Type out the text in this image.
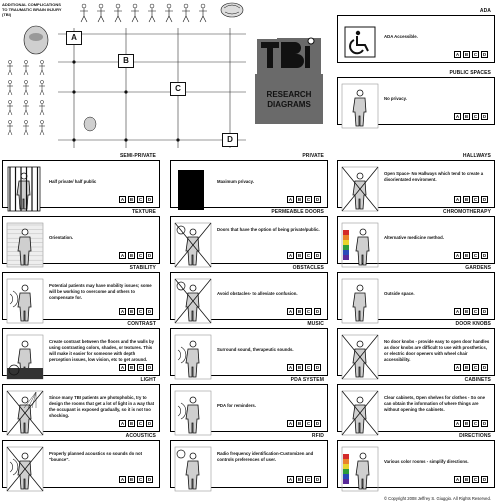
ADDITIONAL COMPLICATIONS TO TRAUMATIC BRAIN INJURY (TBI)
A
B
C
D
RESEARCH DIAGRAMS
ADA
ADA Accessible.
A	B	C	D
PUBLIC SPACES
No privacy.
A	B	C	D
SEMI-PRIVATE
Half private/ half public
A	B	C	D
PRIVATE
Maximum privacy.
A	B	C	D
HALLWAYS
Open Space- No Hallways which tend to create a disorientated enviroment.
A	B	C	D
TEXTURE
Orientation.
A	B	C	D
PERMEABLE DOORS
Doors that have the option of being private/public.
A	B	C	D
CHROMOTHERAPY
Alternative medicine method.
A	B	C	D
STABILITY
Potential patients may have mobility issues; some will be working to overcome and others to compensate for.
A	B	C	D
OBSTACLES
Avoid obstacles- to alleviate confusion.
A	B	C	D
GARDENS
Outside space.
A	B	C	D
CONTRAST
Create contrast between the floors and the walls by using contrasting colors, shades, or textures. This will make it easier for someone with depth perception issues, low vision, etc to get around.
A	B	C	D
MUSIC
Surround sound, therapeutic sounds.
A	B	C	D
DOOR KNOBS
No door knobs - provide easy to open door handles as door knobs are difficult to use with prosthetics, or electric door openers with wheel chair accessibility.
A	B	C	D
LIGHT
Since many TBI patients are photophobic, try to design the rooms that get a lot of light in a way that the occupant is exposed gradually, so it is not too shocking.
A	B	C	D
PDA SYSTEM
PDA for reminders.
A	B	C	D
CABINETS
Clear cabinets, Open shelves for clothes - So one can obtain the information of where things are without opening the cabinets.
A	B	C	D
ACOUSTICS
Properly planned acoustics so sounds do not "bounce".
A	B	C	D
RFID
Radio frequency identification-Customizen and controls preferences of user.
A	B	C	D
DIRECTIONS
Various color rooms - simplify directions.
A	B	C	D
© Copyright 2008 Jeffrey S. Giuggio. All Rights Reserved.
